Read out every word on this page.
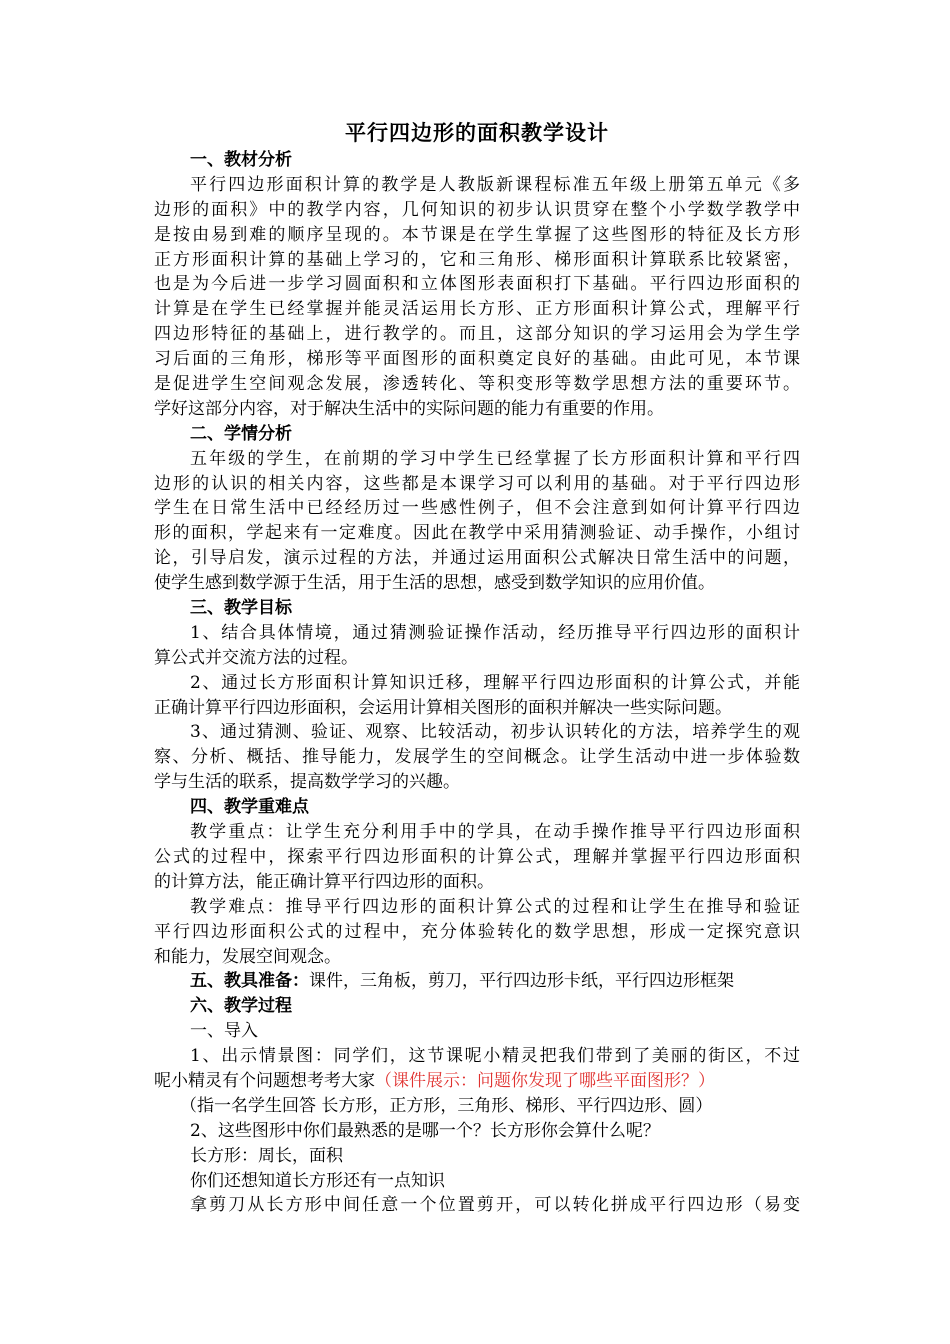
平行四边形的面积教学设计
一、教材分析
平行四边形面积计算的教学是人教版新课程标准五年级上册第五单元《多
边形的面积》中的教学内容，几何知识的初步认识贯穿在整个小学数学教学中
是按由易到难的顺序呈现的。本节课是在学生掌握了这些图形的特征及长方形
正方形面积计算的基础上学习的，它和三角形、梯形面积计算联系比较紧密，
也是为今后进一步学习圆面积和立体图形表面积打下基础。平行四边形面积的
计算是在学生已经掌握并能灵活运用长方形、正方形面积计算公式，理解平行
四边形特征的基础上，进行教学的。而且，这部分知识的学习运用会为学生学
习后面的三角形，梯形等平面图形的面积奠定良好的基础。由此可见，本节课
是促进学生空间观念发展，渗透转化、等积变形等数学思想方法的重要环节。
学好这部分内容，对于解决生活中的实际问题的能力有重要的作用。
二、学情分析
五年级的学生，在前期的学习中学生已经掌握了长方形面积计算和平行四
边形的认识的相关内容，这些都是本课学习可以利用的基础。对于平行四边形
学生在日常生活中已经经历过一些感性例子，但不会注意到如何计算平行四边
形的面积，学起来有一定难度。因此在教学中采用猜测验证、动手操作，小组讨
论，引导启发，演示过程的方法，并通过运用面积公式解决日常生活中的问题，
使学生感到数学源于生活，用于生活的思想，感受到数学知识的应用价值。
三、教学目标
1、结合具体情境，通过猜测验证操作活动，经历推导平行四边形的面积计
算公式并交流方法的过程。
2、通过长方形面积计算知识迁移，理解平行四边形面积的计算公式，并能
正确计算平行四边形面积，会运用计算相关图形的面积并解决一些实际问题。
3、通过猜测、验证、观察、比较活动，初步认识转化的方法，培养学生的观
察、分析、概括、推导能力，发展学生的空间概念。让学生活动中进一步体验数
学与生活的联系，提高数学学习的兴趣。
四、教学重难点
教学重点：让学生充分利用手中的学具，在动手操作推导平行四边形面积
公式的过程中，探索平行四边形面积的计算公式，理解并掌握平行四边形面积
的计算方法，能正确计算平行四边形的面积。
教学难点：推导平行四边形的面积计算公式的过程和让学生在推导和验证
平行四边形面积公式的过程中，充分体验转化的数学思想，形成一定探究意识
和能力，发展空间观念。
五、教具准备：课件，三角板，剪刀，平行四边形卡纸，平行四边形框架
六、教学过程
一、导入
1、出示情景图：同学们，这节课呢小精灵把我们带到了美丽的街区，不过
呢小精灵有个问题想考考大家（课件展示：问题你发现了哪些平面图形？）
（指一名学生回答 长方形，正方形，三角形、梯形、平行四边形、圆）
2、这些图形中你们最熟悉的是哪一个？长方形你会算什么呢？
长方形：周长，面积
你们还想知道长方形还有一点知识
拿剪刀从长方形中间任意一个位置剪开，可以转化拼成平行四边形（易变
